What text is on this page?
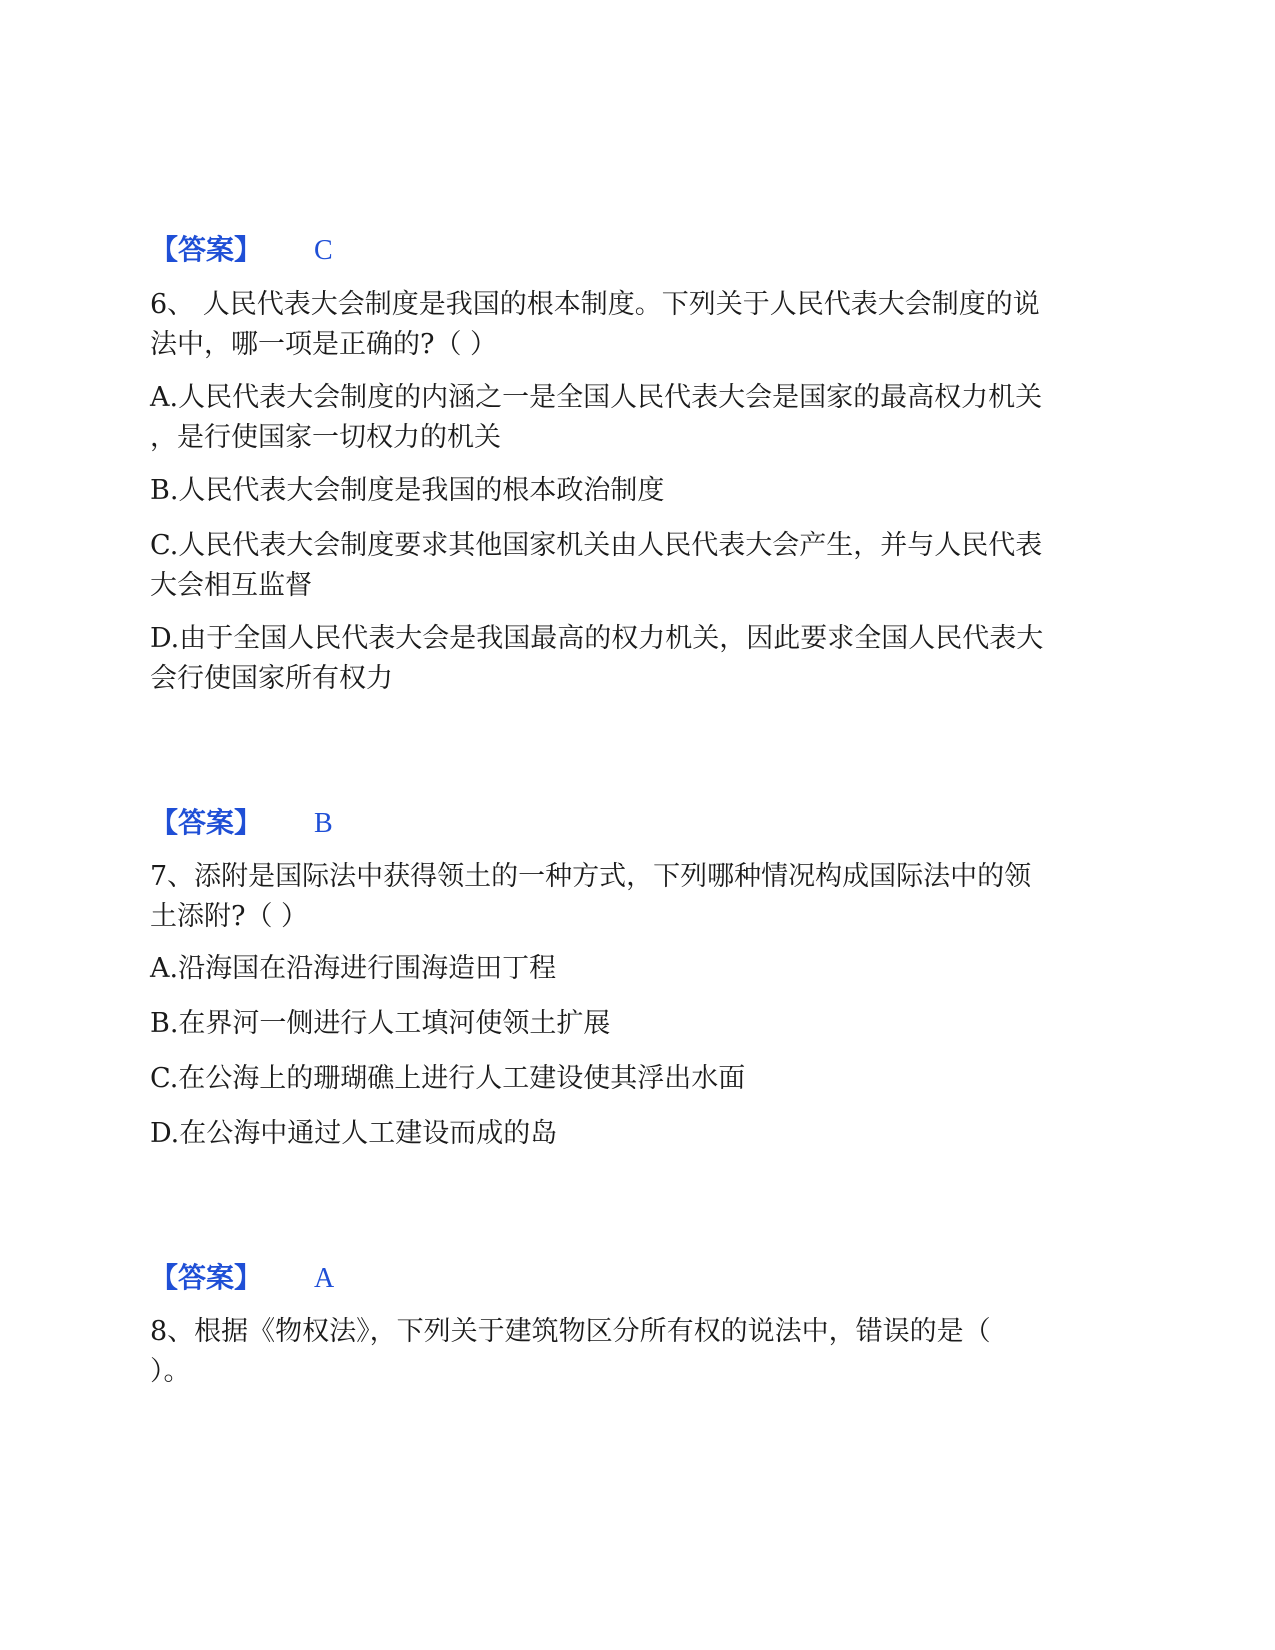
【答案】 C
6、 人民代表大会制度是我国的根本制度。下列关于人民代表大会制度的说
法中，哪一项是正确的?（ ）
A.人民代表大会制度的内涵之一是全国人民代表大会是国家的最高权力机关
，是行使国家一切权力的机关
B.人民代表大会制度是我国的根本政治制度
C.人民代表大会制度要求其他国家机关由人民代表大会产生，并与人民代表
大会相互监督
D.由于全国人民代表大会是我国最高的权力机关，因此要求全国人民代表大
会行使国家所有权力
【答案】 B
7、添附是国际法中获得领土的一种方式，下列哪种情况构成国际法中的领
土添附?（ ）
A.沿海国在沿海进行围海造田丁程
B.在界河一侧进行人工填河使领土扩展
C.在公海上的珊瑚礁上进行人工建设使其浮出水面
D.在公海中通过人工建设而成的岛
【答案】 A
8、根据《物权法》，下列关于建筑物区分所有权的说法中，错误的是（
）。
